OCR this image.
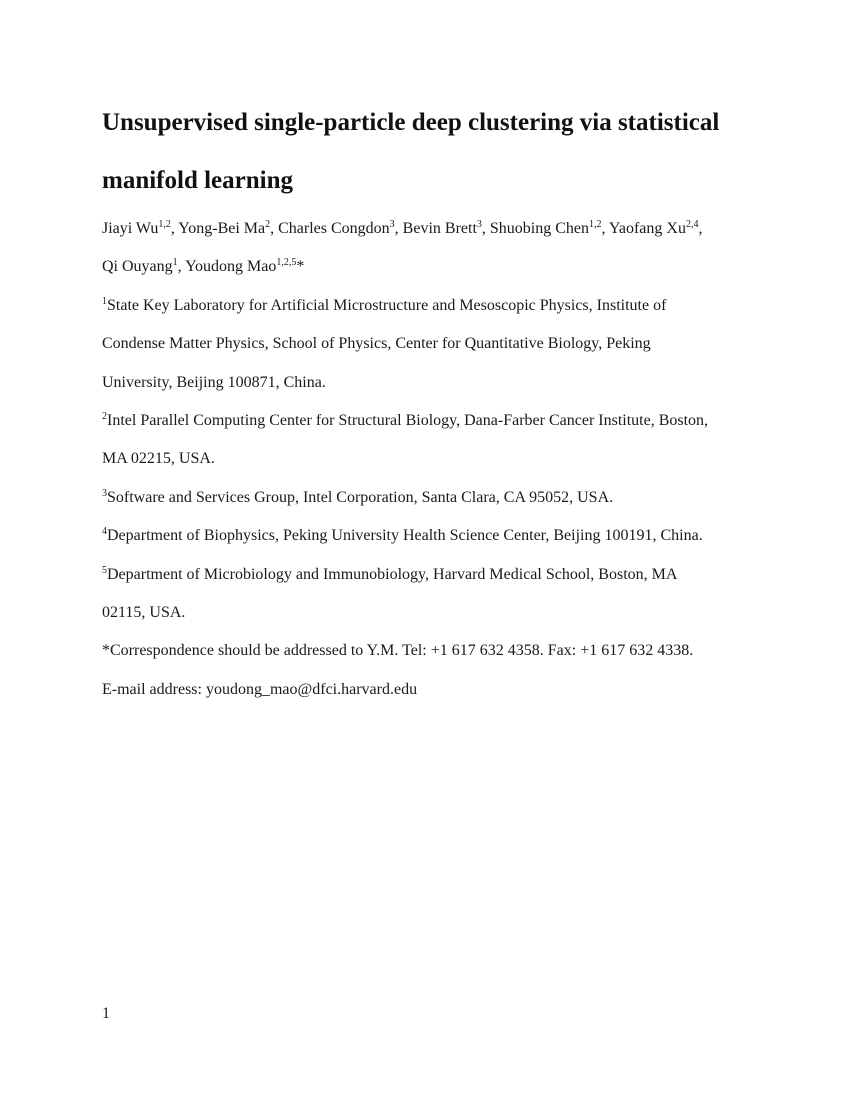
Unsupervised single-particle deep clustering via statistical
manifold learning
Jiayi Wu$^{1,2}$, Yong-Bei Ma$^2$, Charles Congdon$^3$, Bevin Brett$^3$, Shuobing Chen$^{1,2}$, Yaofang Xu$^{2,4}$,
Qi Ouyang$^1$, Youdong Mao$^{1,2,5}$*
$^1$State Key Laboratory for Artificial Microstructure and Mesoscopic Physics, Institute of
Condense Matter Physics, School of Physics, Center for Quantitative Biology, Peking
University, Beijing 100871, China.
$^2$Intel Parallel Computing Center for Structural Biology, Dana-Farber Cancer Institute, Boston,
MA 02215, USA.
$^3$Software and Services Group, Intel Corporation, Santa Clara, CA 95052, USA.
$^4$Department of Biophysics, Peking University Health Science Center, Beijing 100191, China.
$^5$Department of Microbiology and Immunobiology, Harvard Medical School, Boston, MA
02115, USA.
*Correspondence should be addressed to Y.M. Tel: +1 617 632 4358. Fax: +1 617 632 4338.
E-mail address: youdong_mao@dfci.harvard.edu
1
